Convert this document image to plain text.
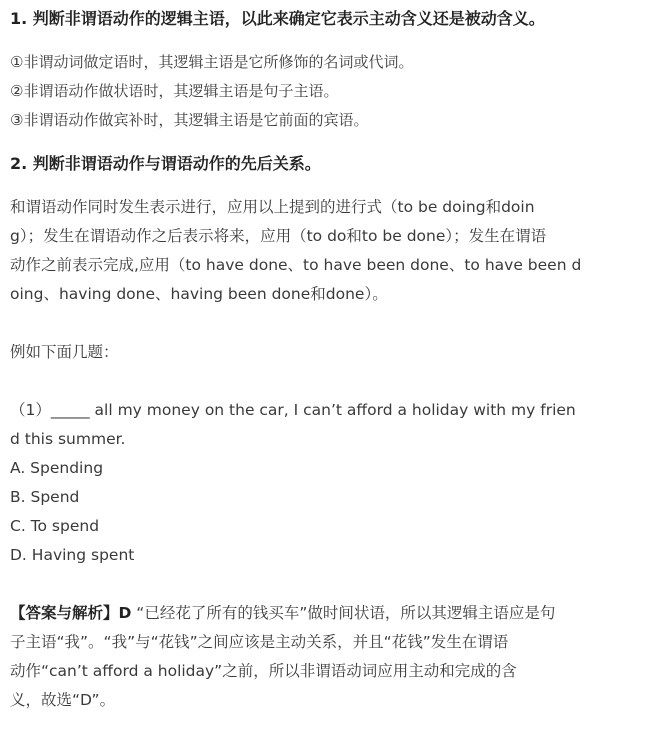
1. 判断非谓语动作的逻辑主语，以此来确定它表示主动含义还是被动含义。

①非谓动词做定语时，其逻辑主语是它所修饰的名词或代词。

②非谓语动作做状语时，其逻辑主语是句子主语。

③非谓语动作做宾补时，其逻辑主语是它前面的宾语。

2. 判断非谓语动作与谓语动作的先后关系。

和谓语动作同时发生表示进行，应用以上提到的进行式（to be doing和doin

g）；发生在谓语动作之后表示将来，应用（to do和to be done）；发生在谓语

动作之前表示完成,应用（to have done、to have been done、to have been d

oing、having done、having been done和done）。

例如下面几题：

（1）_____ all my money on the car, I can’t afford a holiday with my frien

d this summer.

A. Spending

B. Spend

C. To spend

D. Having spent

【答案与解析】D “已经花了所有的钱买车”做时间状语，所以其逻辑主语应是句

子主语“我”。“我”与“花钱”之间应该是主动关系，并且“花钱”发生在谓语

动作“can’t afford a holiday”之前，所以非谓语动词应用主动和完成的含

义，故选“D”。
